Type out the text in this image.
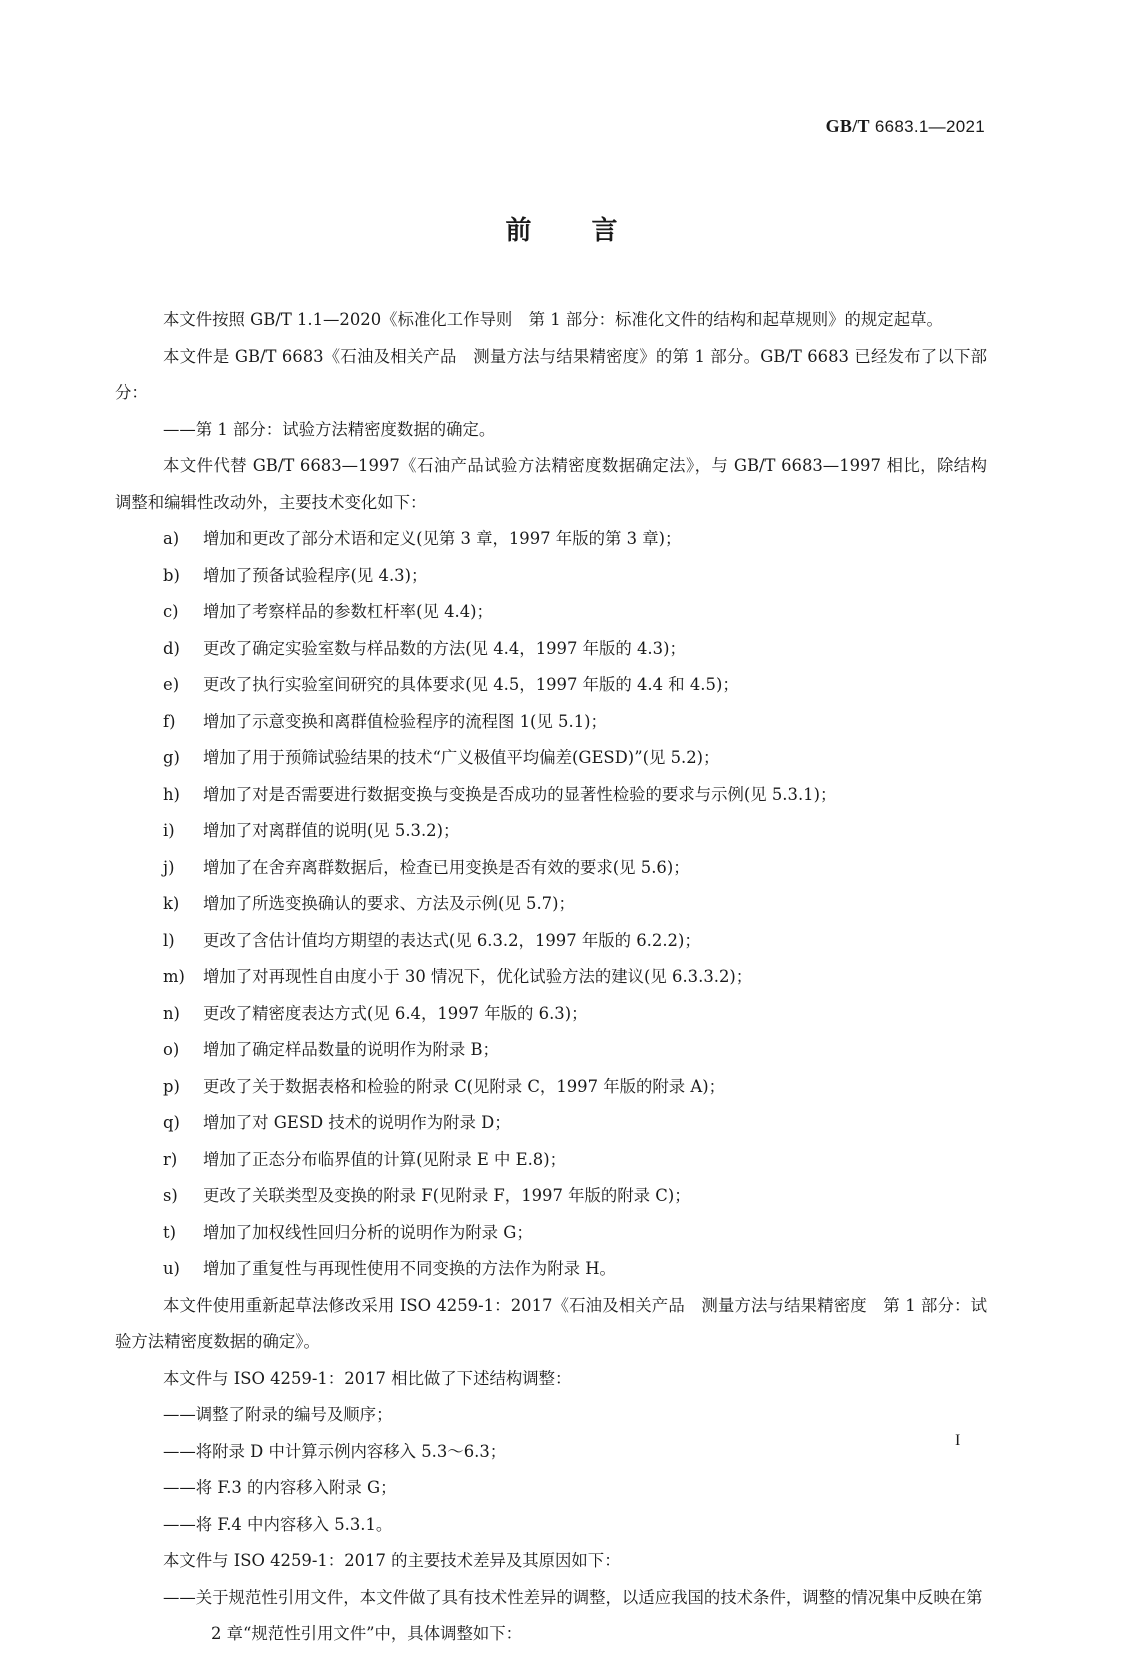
GB/T 6683.1—2021
前言
本文件按照 GB/T 1.1—2020《标准化工作导则　第 1 部分：标准化文件的结构和起草规则》的规定起草。
本文件是 GB/T 6683《石油及相关产品　测量方法与结果精密度》的第 1 部分。GB/T 6683 已经发布了以下部分：
——第 1 部分：试验方法精密度数据的确定。
本文件代替 GB/T 6683—1997《石油产品试验方法精密度数据确定法》，与 GB/T 6683—1997 相比，除结构调整和编辑性改动外，主要技术变化如下：
a)	增加和更改了部分术语和定义(见第 3 章，1997 年版的第 3 章)；
b)	增加了预备试验程序(见 4.3)；
c)	增加了考察样品的参数杠杆率(见 4.4)；
d)	更改了确定实验室数与样品数的方法(见 4.4，1997 年版的 4.3)；
e)	更改了执行实验室间研究的具体要求(见 4.5，1997 年版的 4.4 和 4.5)；
f)	增加了示意变换和离群值检验程序的流程图 1(见 5.1)；
g)	增加了用于预筛试验结果的技术“广义极值平均偏差(GESD)”(见 5.2)；
h)	增加了对是否需要进行数据变换与变换是否成功的显著性检验的要求与示例(见 5.3.1)；
i)	增加了对离群值的说明(见 5.3.2)；
j)	增加了在舍弃离群数据后，检查已用变换是否有效的要求(见 5.6)；
k)	增加了所选变换确认的要求、方法及示例(见 5.7)；
l)	更改了含估计值均方期望的表达式(见 6.3.2，1997 年版的 6.2.2)；
m)	增加了对再现性自由度小于 30 情况下，优化试验方法的建议(见 6.3.3.2)；
n)	更改了精密度表达方式(见 6.4，1997 年版的 6.3)；
o)	增加了确定样品数量的说明作为附录 B；
p)	更改了关于数据表格和检验的附录 C(见附录 C，1997 年版的附录 A)；
q)	增加了对 GESD 技术的说明作为附录 D；
r)	增加了正态分布临界值的计算(见附录 E 中 E.8)；
s)	更改了关联类型及变换的附录 F(见附录 F，1997 年版的附录 C)；
t)	增加了加权线性回归分析的说明作为附录 G；
u)	增加了重复性与再现性使用不同变换的方法作为附录 H。
本文件使用重新起草法修改采用 ISO 4259-1：2017《石油及相关产品　测量方法与结果精密度　第 1 部分：试验方法精密度数据的确定》。
本文件与 ISO 4259-1：2017 相比做了下述结构调整：
——调整了附录的编号及顺序；
——将附录 D 中计算示例内容移入 5.3～6.3；
——将 F.3 的内容移入附录 G；
——将 F.4 中内容移入 5.3.1。
本文件与 ISO 4259-1：2017 的主要技术差异及其原因如下：
——关于规范性引用文件，本文件做了具有技术性差异的调整，以适应我国的技术条件，调整的情况集中反映在第 2 章“规范性引用文件”中，具体调整如下：
I
